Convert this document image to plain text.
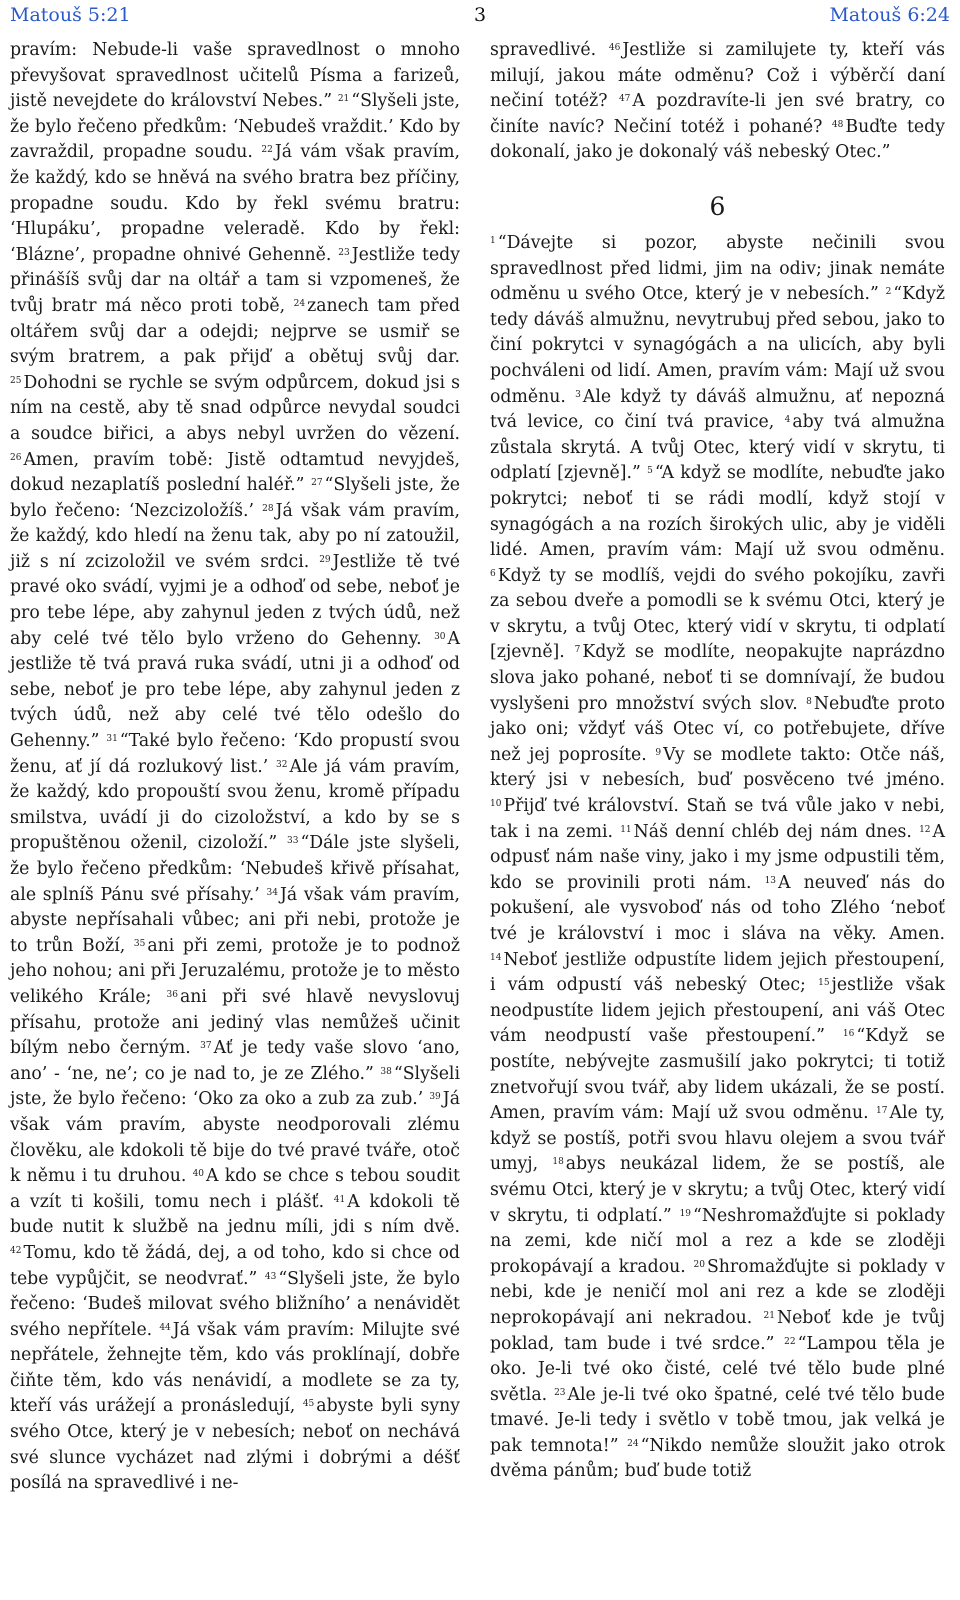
Matouš 5:21	3	Matouš 6:24
pravím: Nebude-li vaše spravedlnost o mnoho převyšovat spravedlnost učitelů Písma a farizeů, jistě nevejdete do království Nebes.” $^{21}$ “Slyšeli jste, že bylo řečeno předkům: ‘Nebudeš vraždit.’ Kdo by zavraždil, propadne soudu. $^{22}$ Já vám však pravím, že každý, kdo se hněvá na svého bratra bez příčiny, propadne soudu. Kdo by řekl svému bratru: ‘Hlupáku’, propadne veleradě. Kdo by řekl: ‘Blázne’, propadne ohnivé Gehenně. $^{23}$ Jestliže tedy přinášíš svůj dar na oltář a tam si vzpomeneš, že tvůj bratr má něco proti tobě, $^{24}$ zanech tam před oltářem svůj dar a odejdi; nejprve se usmiř se svým bratrem, a pak přijď a obětuj svůj dar. $^{25}$ Dohodni se rychle se svým odpůrcem, dokud jsi s ním na cestě, aby tě snad odpůrce nevydal soudci a soudce biřici, a abys nebyl uvržen do vězení. $^{26}$ Amen, pravím tobě: Jistě odtamtud nevyjdeš, dokud nezaplatíš poslední haléř.” $^{27}$ “Slyšeli jste, že bylo řečeno: ‘Nezcizoložíš.’ $^{28}$ Já však vám pravím, že každý, kdo hledí na ženu tak, aby po ní zatoužil, již s ní zcizoložil ve svém srdci. $^{29}$ Jestliže tě tvé pravé oko svádí, vyjmi je a odhoď od sebe, neboť je pro tebe lépe, aby zahynul jeden z tvých údů, než aby celé tvé tělo bylo vrženo do Gehenny. $^{30}$ A jestliže tě tvá pravá ruka svádí, utni ji a odhoď od sebe, neboť je pro tebe lépe, aby zahynul jeden z tvých údů, než aby celé tvé tělo odešlo do Gehenny.” $^{31}$ “Také bylo řečeno: ‘Kdo propustí svou ženu, ať jí dá rozlukový list.’ $^{32}$ Ale já vám pravím, že každý, kdo propouští svou ženu, kromě případu smilstva, uvádí ji do cizoložství, a kdo by se s propuštěnou oženil, cizoloží.” $^{33}$ “Dále jste slyšeli, že bylo řečeno předkům: ‘Nebudeš křivě přísahat, ale splníš Pánu své přísahy.’ $^{34}$ Já však vám pravím, abyste nepřísahali vůbec; ani při nebi, protože je to trůn Boží, $^{35}$ ani při zemi, protože je to podnož jeho nohou; ani při Jeruzalému, protože je to město velikého Krále; $^{36}$ ani při své hlavě nevyslovuj přísahu, protože ani jediný vlas nemůžeš učinit bílým nebo černým. $^{37}$ Ať je tedy vaše slovo ‘ano, ano’ - ‘ne, ne’; co je nad to, je ze Zlého.” $^{38}$ “Slyšeli jste, že bylo řečeno: ‘Oko za oko a zub za zub.’ $^{39}$ Já však vám pravím, abyste neodporovali zlému člověku, ale kdokoli tě bije do tvé pravé tváře, otoč k němu i tu druhou. $^{40}$ A kdo se chce s tebou soudit a vzít ti košili, tomu nech i plášť. $^{41}$ A kdokoli tě bude nutit k službě na jednu míli, jdi s ním dvě. $^{42}$ Tomu, kdo tě žádá, dej, a od toho, kdo si chce od tebe vypůjčit, se neodvrať.” $^{43}$ “Slyšeli jste, že bylo řečeno: ‘Budeš milovat svého bližního’ a nenávidět svého nepřítele. $^{44}$ Já však vám pravím: Milujte své nepřátele, žehnejte těm, kdo vás proklínají, dobře čiňte těm, kdo vás nenávidí, a modlete se za ty, kteří vás urážejí a pronásledují, $^{45}$ abyste byli syny svého Otce, který je v nebesích; neboť on nechává své slunce vycházet nad zlými i dobrými a déšť posílá na spravedlivé i ne-
spravedlivé. $^{46}$ Jestliže si zamilujete ty, kteří vás milují, jakou máte odměnu? Což i výběrčí daní nečiní totéž? $^{47}$ A pozdravíte-li jen své bratry, co činíte navíc? Nečiní totéž i pohané? $^{48}$ Buďte tedy dokonalí, jako je dokonalý váš nebeský Otec.”
6
$^1$ “Dávejte si pozor, abyste nečinili svou spravedlnost před lidmi, jim na odiv; jinak nemáte odměnu u svého Otce, který je v nebesích.” $^2$ “Když tedy dáváš almužnu, nevytrubuj před sebou, jako to činí pokrytci v synagógách a na ulicích, aby byli pochváleni od lidí. Amen, pravím vám: Mají už svou odměnu. $^3$ Ale když ty dáváš almužnu, ať nepozná tvá levice, co činí tvá pravice, $^4$ aby tvá almužna zůstala skrytá. A tvůj Otec, který vidí v skrytu, ti odplatí [zjevně].” $^5$ “A když se modlíte, nebuďte jako pokrytci; neboť ti se rádi modlí, když stojí v synagógách a na rozích širokých ulic, aby je viděli lidé. Amen, pravím vám: Mají už svou odměnu. $^6$ Když ty se modlíš, vejdi do svého pokojíku, zavři za sebou dveře a pomodli se k svému Otci, který je v skrytu, a tvůj Otec, který vidí v skrytu, ti odplatí [zjevně]. $^7$ Když se modlíte, neopakujte naprázdno slova jako pohané, neboť ti se domnívají, že budou vyslyšeni pro množství svých slov. $^8$ Nebuďte proto jako oni; vždyť váš Otec ví, co potřebujete, dříve než jej poprosíte. $^9$ Vy se modlete takto: Otče náš, který jsi v nebesích, buď posvěceno tvé jméno. $^{10}$ Přijď tvé království. Staň se tvá vůle jako v nebi, tak i na zemi. $^{11}$ Náš denní chléb dej nám dnes. $^{12}$ A odpusť nám naše viny, jako i my jsme odpustili těm, kdo se provinili proti nám. $^{13}$ A neuveď nás do pokušení, ale vysvoboď nás od toho Zlého ‘neboť tvé je království i moc i sláva na věky. Amen. $^{14}$ Neboť jestliže odpustíte lidem jejich přestoupení, i vám odpustí váš nebeský Otec; $^{15}$ jestliže však neodpustíte lidem jejich přestoupení, ani váš Otec vám neodpustí vaše přestoupení.” $^{16}$ “Když se postíte, nebývejte zasmušilí jako pokrytci; ti totiž znetvořují svou tvář, aby lidem ukázali, že se postí. Amen, pravím vám: Mají už svou odměnu. $^{17}$ Ale ty, když se postíš, potři svou hlavu olejem a svou tvář umyj, $^{18}$ abys neukázal lidem, že se postíš, ale svému Otci, který je v skrytu; a tvůj Otec, který vidí v skrytu, ti odplatí.” $^{19}$ “Neshromažďujte si poklady na zemi, kde ničí mol a rez a kde se zloději prokopávají a kradou. $^{20}$ Shromažďujte si poklady v nebi, kde je neničí mol ani rez a kde se zloději neprokopávají ani nekradou. $^{21}$ Neboť kde je tvůj poklad, tam bude i tvé srdce.” $^{22}$ “Lampou těla je oko. Je-li tvé oko čisté, celé tvé tělo bude plné světla. $^{23}$ Ale je-li tvé oko špatné, celé tvé tělo bude tmavé. Je-li tedy i světlo v tobě tmou, jak velká je pak temnota!” $^{24}$ “Nikdo nemůže sloužit jako otrok dvěma pánům; buď bude totiž
